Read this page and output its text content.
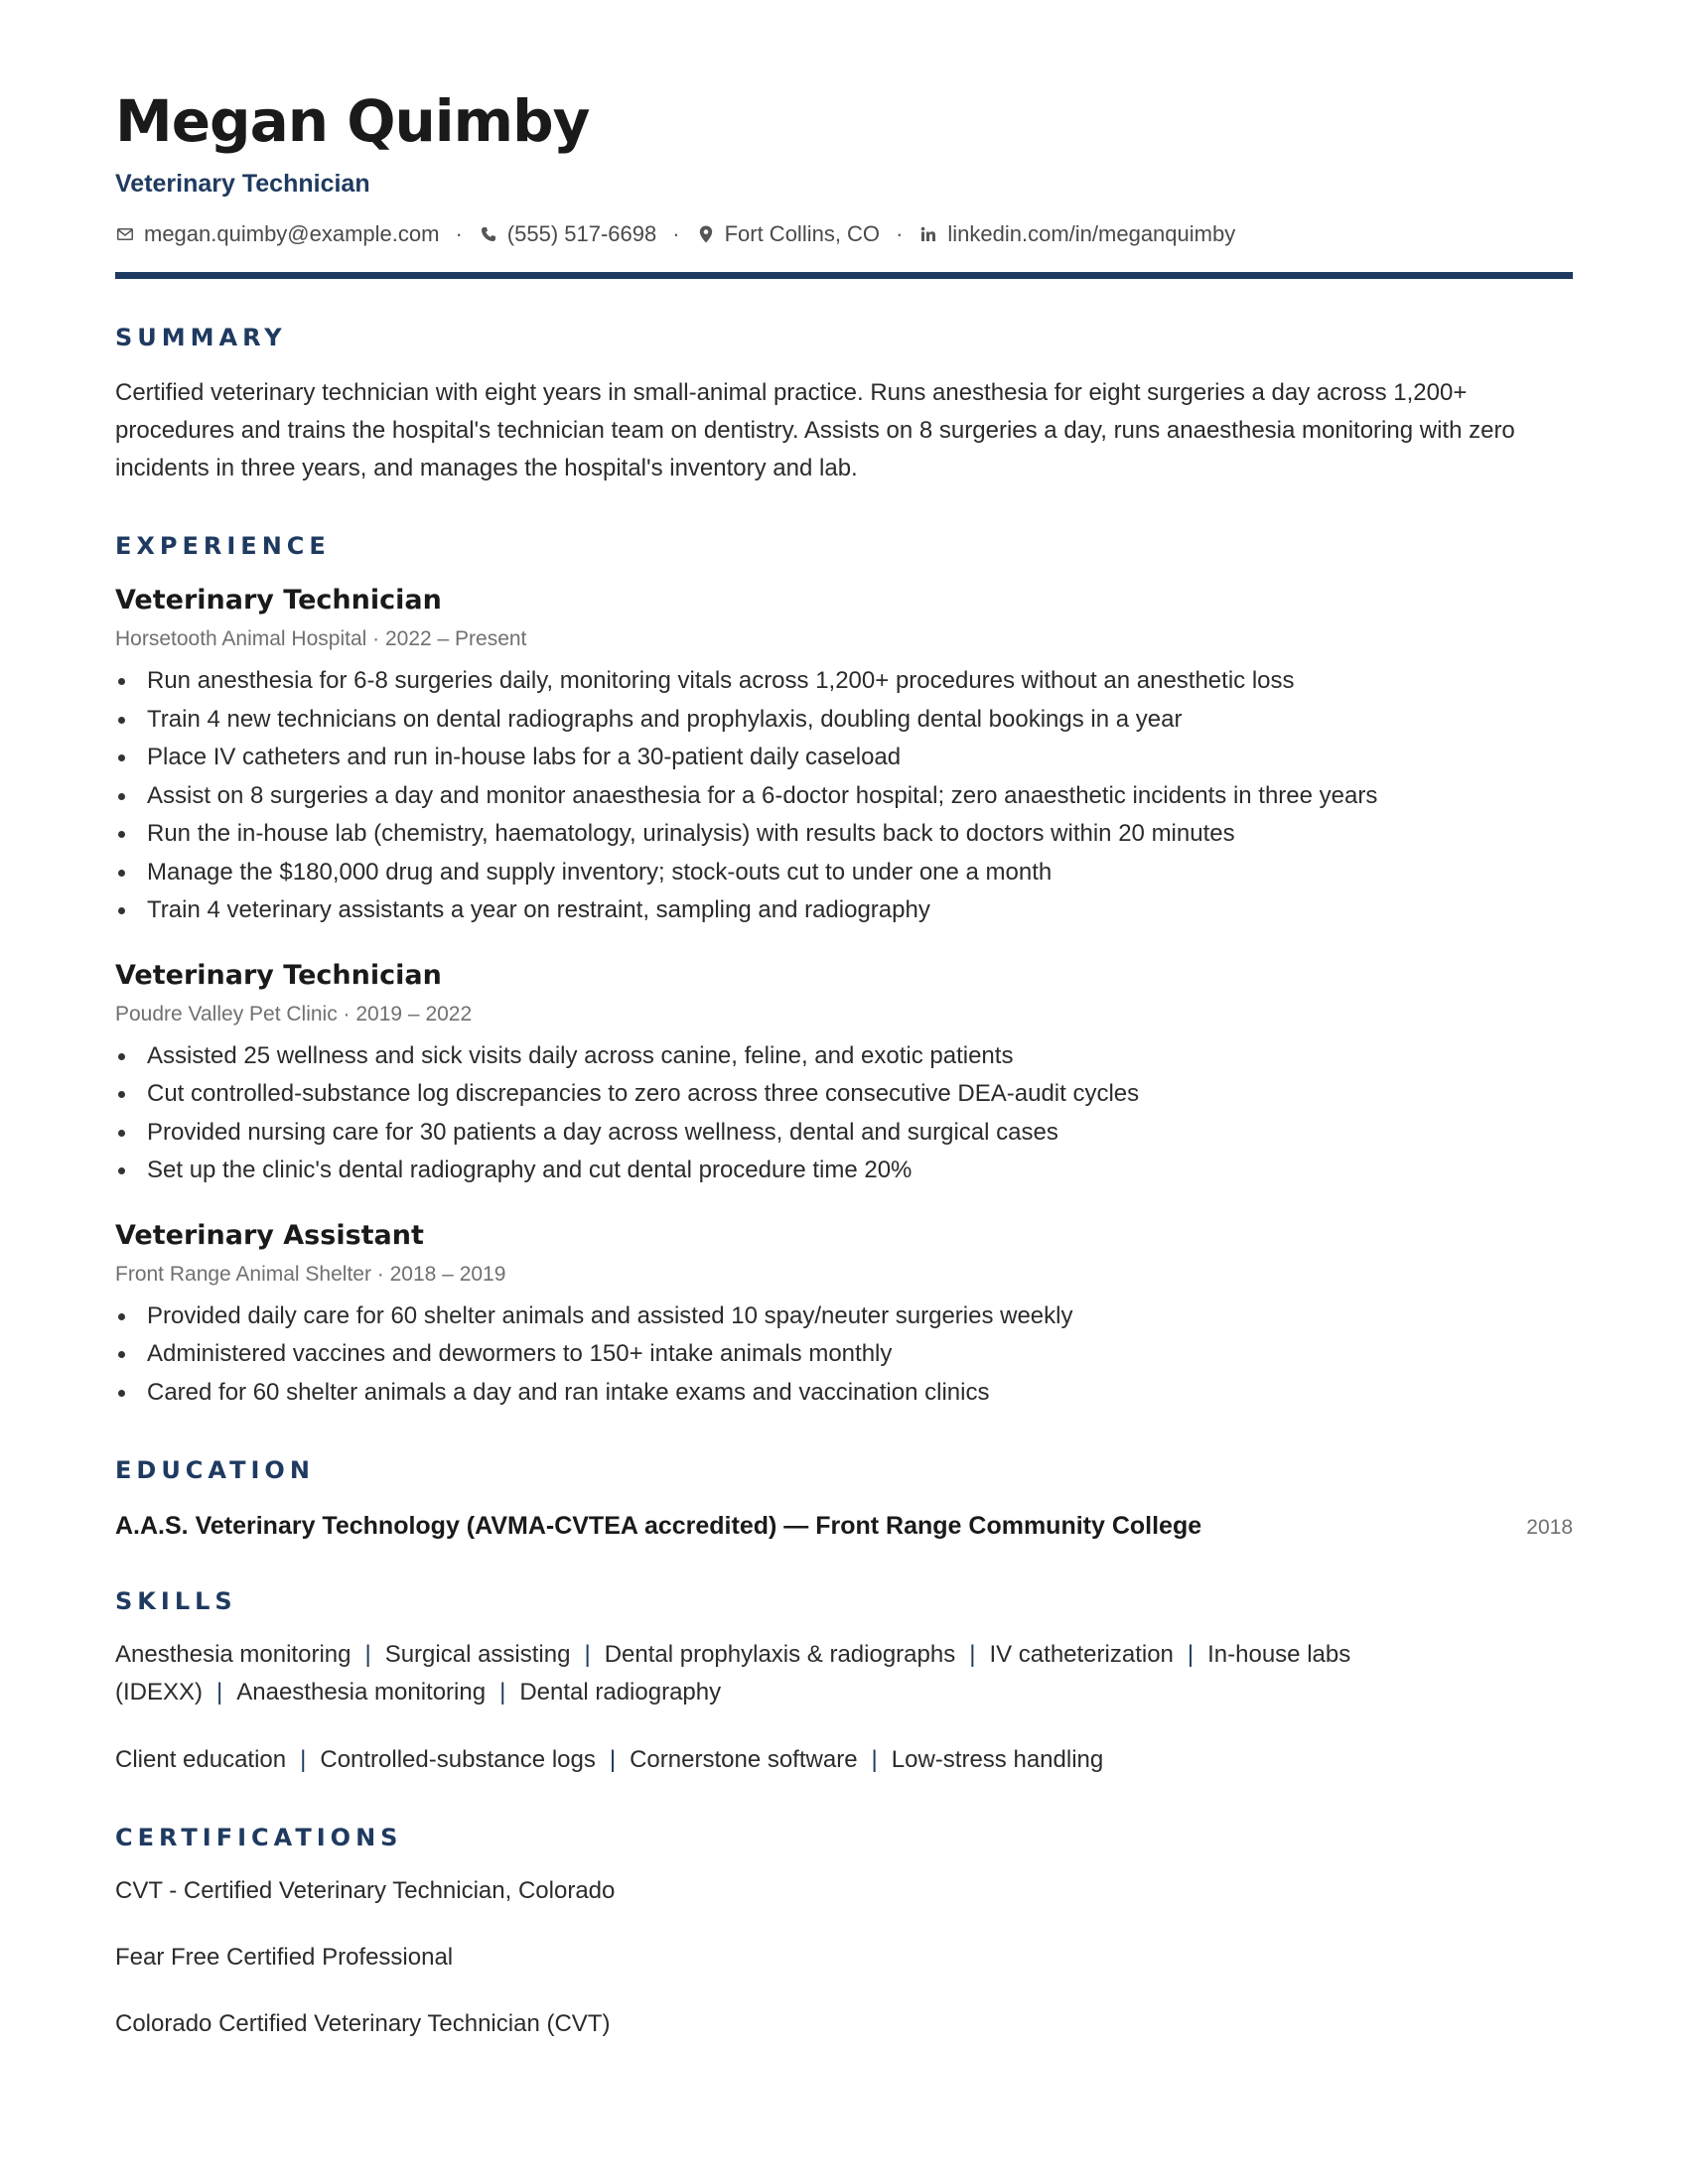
Megan Quimby
Veterinary Technician
megan.quimby@example.com · (555) 517-6698 · Fort Collins, CO · linkedin.com/in/meganquimby
SUMMARY
Certified veterinary technician with eight years in small-animal practice. Runs anesthesia for eight surgeries a day across 1,200+ procedures and trains the hospital's technician team on dentistry. Assists on 8 surgeries a day, runs anaesthesia monitoring with zero incidents in three years, and manages the hospital's inventory and lab.
EXPERIENCE
Veterinary Technician
Horsetooth Animal Hospital · 2022 – Present
Run anesthesia for 6-8 surgeries daily, monitoring vitals across 1,200+ procedures without an anesthetic loss
Train 4 new technicians on dental radiographs and prophylaxis, doubling dental bookings in a year
Place IV catheters and run in-house labs for a 30-patient daily caseload
Assist on 8 surgeries a day and monitor anaesthesia for a 6-doctor hospital; zero anaesthetic incidents in three years
Run the in-house lab (chemistry, haematology, urinalysis) with results back to doctors within 20 minutes
Manage the $180,000 drug and supply inventory; stock-outs cut to under one a month
Train 4 veterinary assistants a year on restraint, sampling and radiography
Veterinary Technician
Poudre Valley Pet Clinic · 2019 – 2022
Assisted 25 wellness and sick visits daily across canine, feline, and exotic patients
Cut controlled-substance log discrepancies to zero across three consecutive DEA-audit cycles
Provided nursing care for 30 patients a day across wellness, dental and surgical cases
Set up the clinic's dental radiography and cut dental procedure time 20%
Veterinary Assistant
Front Range Animal Shelter · 2018 – 2019
Provided daily care for 60 shelter animals and assisted 10 spay/neuter surgeries weekly
Administered vaccines and dewormers to 150+ intake animals monthly
Cared for 60 shelter animals a day and ran intake exams and vaccination clinics
EDUCATION
A.A.S. Veterinary Technology (AVMA-CVTEA accredited) — Front Range Community College	2018
SKILLS
Anesthesia monitoring | Surgical assisting | Dental prophylaxis & radiographs | IV catheterization | In-house labs (IDEXX) | Anaesthesia monitoring | Dental radiography
Client education | Controlled-substance logs | Cornerstone software | Low-stress handling
CERTIFICATIONS
CVT - Certified Veterinary Technician, Colorado
Fear Free Certified Professional
Colorado Certified Veterinary Technician (CVT)
